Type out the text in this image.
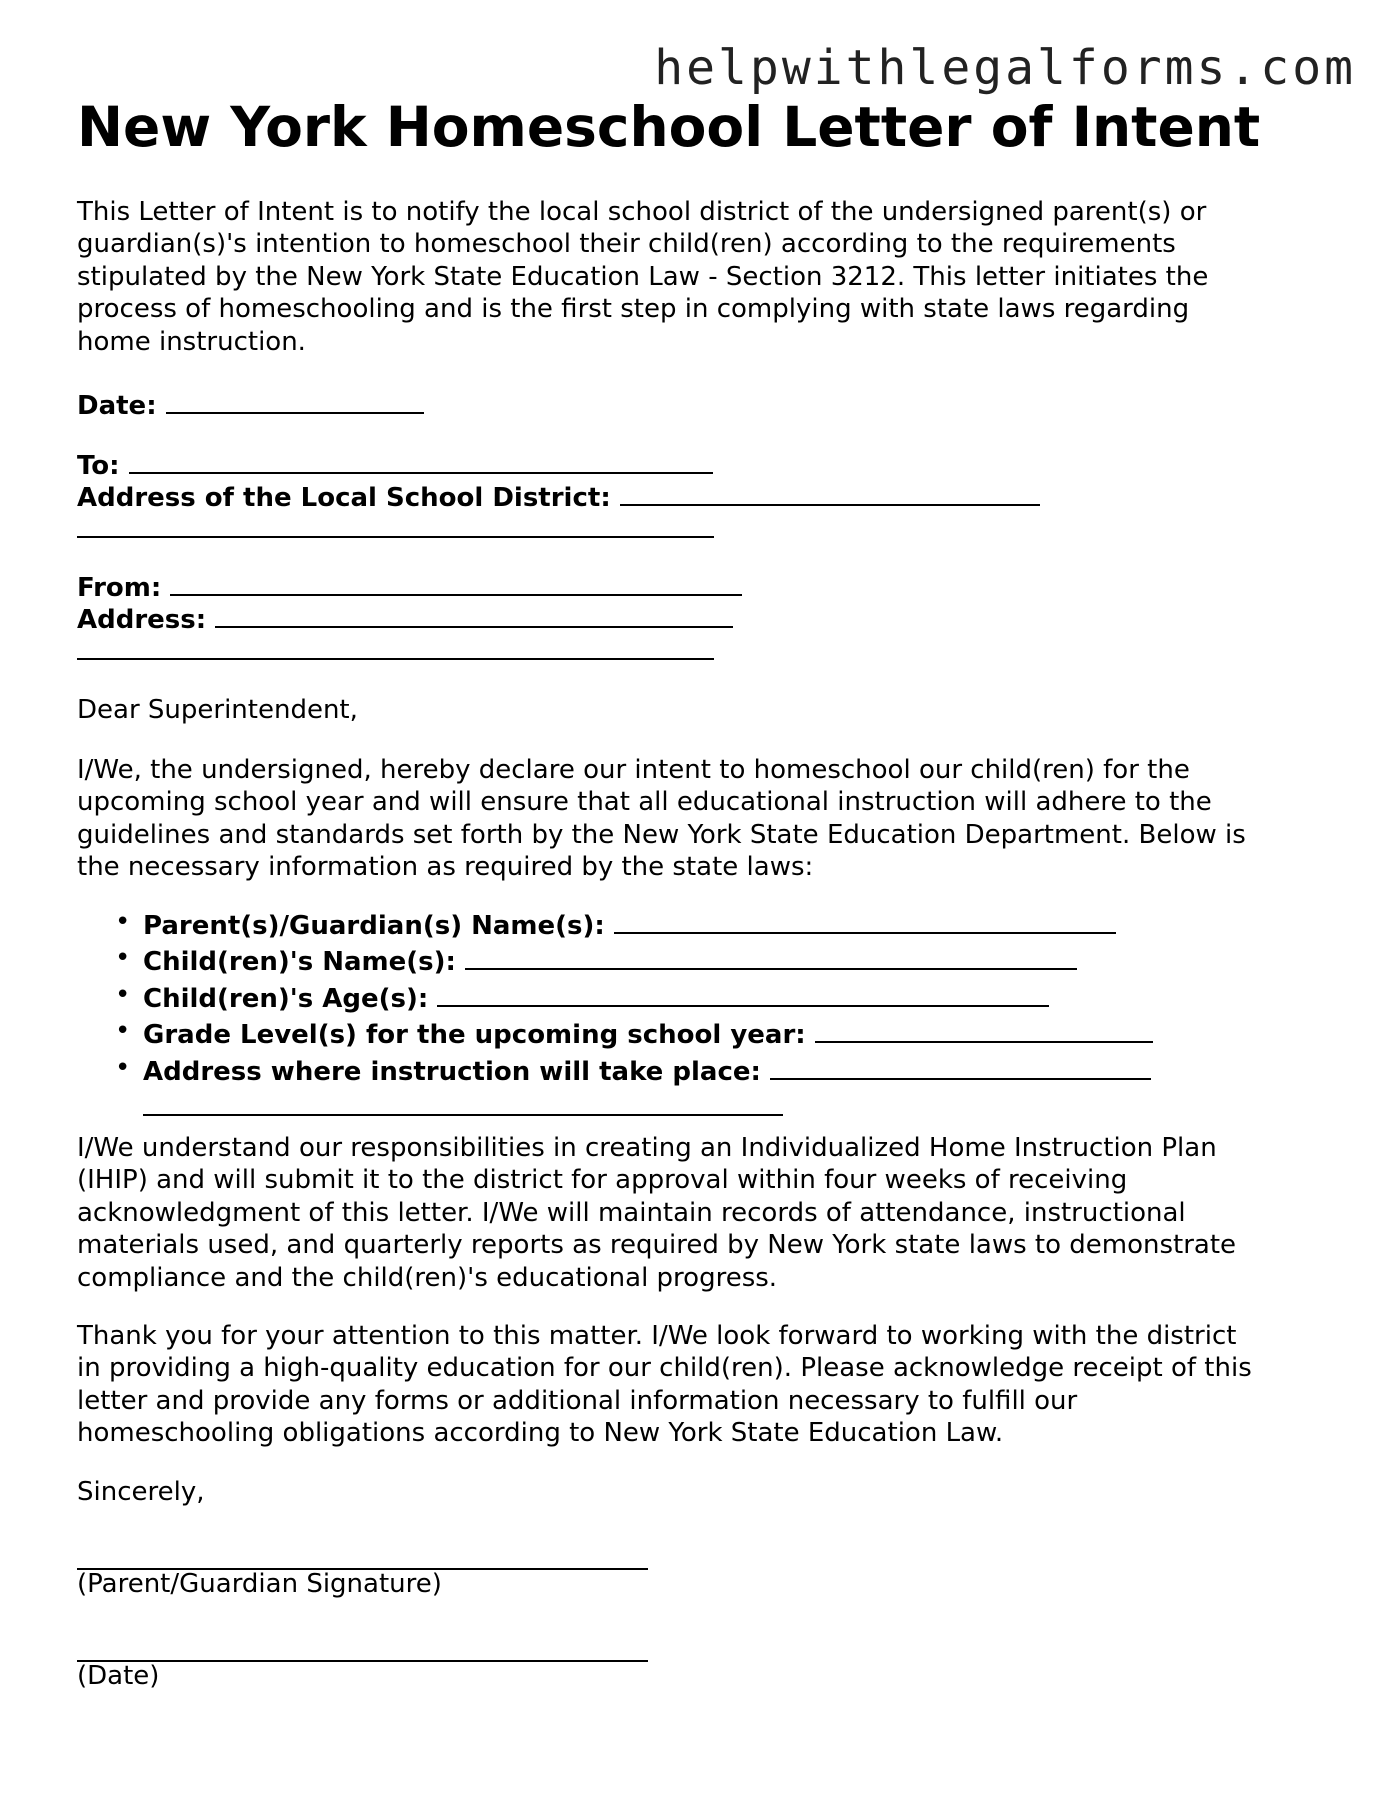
helpwithlegalforms.com
New York Homeschool Letter of Intent
This Letter of Intent is to notify the local school district of the undersigned parent(s) or
guardian(s)'s intention to homeschool their child(ren) according to the requirements
stipulated by the New York State Education Law - Section 3212. This letter initiates the
process of homeschooling and is the first step in complying with state laws regarding
home instruction.
Date:
To:
Address of the Local School District:
From:
Address:
Dear Superintendent,
I/We, the undersigned, hereby declare our intent to homeschool our child(ren) for the
upcoming school year and will ensure that all educational instruction will adhere to the
guidelines and standards set forth by the New York State Education Department. Below is
the necessary information as required by the state laws:
• Parent(s)/Guardian(s) Name(s):
• Child(ren)'s Name(s):
• Child(ren)'s Age(s):
• Grade Level(s) for the upcoming school year:
• Address where instruction will take place:
I/We understand our responsibilities in creating an Individualized Home Instruction Plan
(IHIP) and will submit it to the district for approval within four weeks of receiving
acknowledgment of this letter. I/We will maintain records of attendance, instructional
materials used, and quarterly reports as required by New York state laws to demonstrate
compliance and the child(ren)'s educational progress.
Thank you for your attention to this matter. I/We look forward to working with the district
in providing a high-quality education for our child(ren). Please acknowledge receipt of this
letter and provide any forms or additional information necessary to fulfill our
homeschooling obligations according to New York State Education Law.
Sincerely,
(Parent/Guardian Signature)
(Date)
